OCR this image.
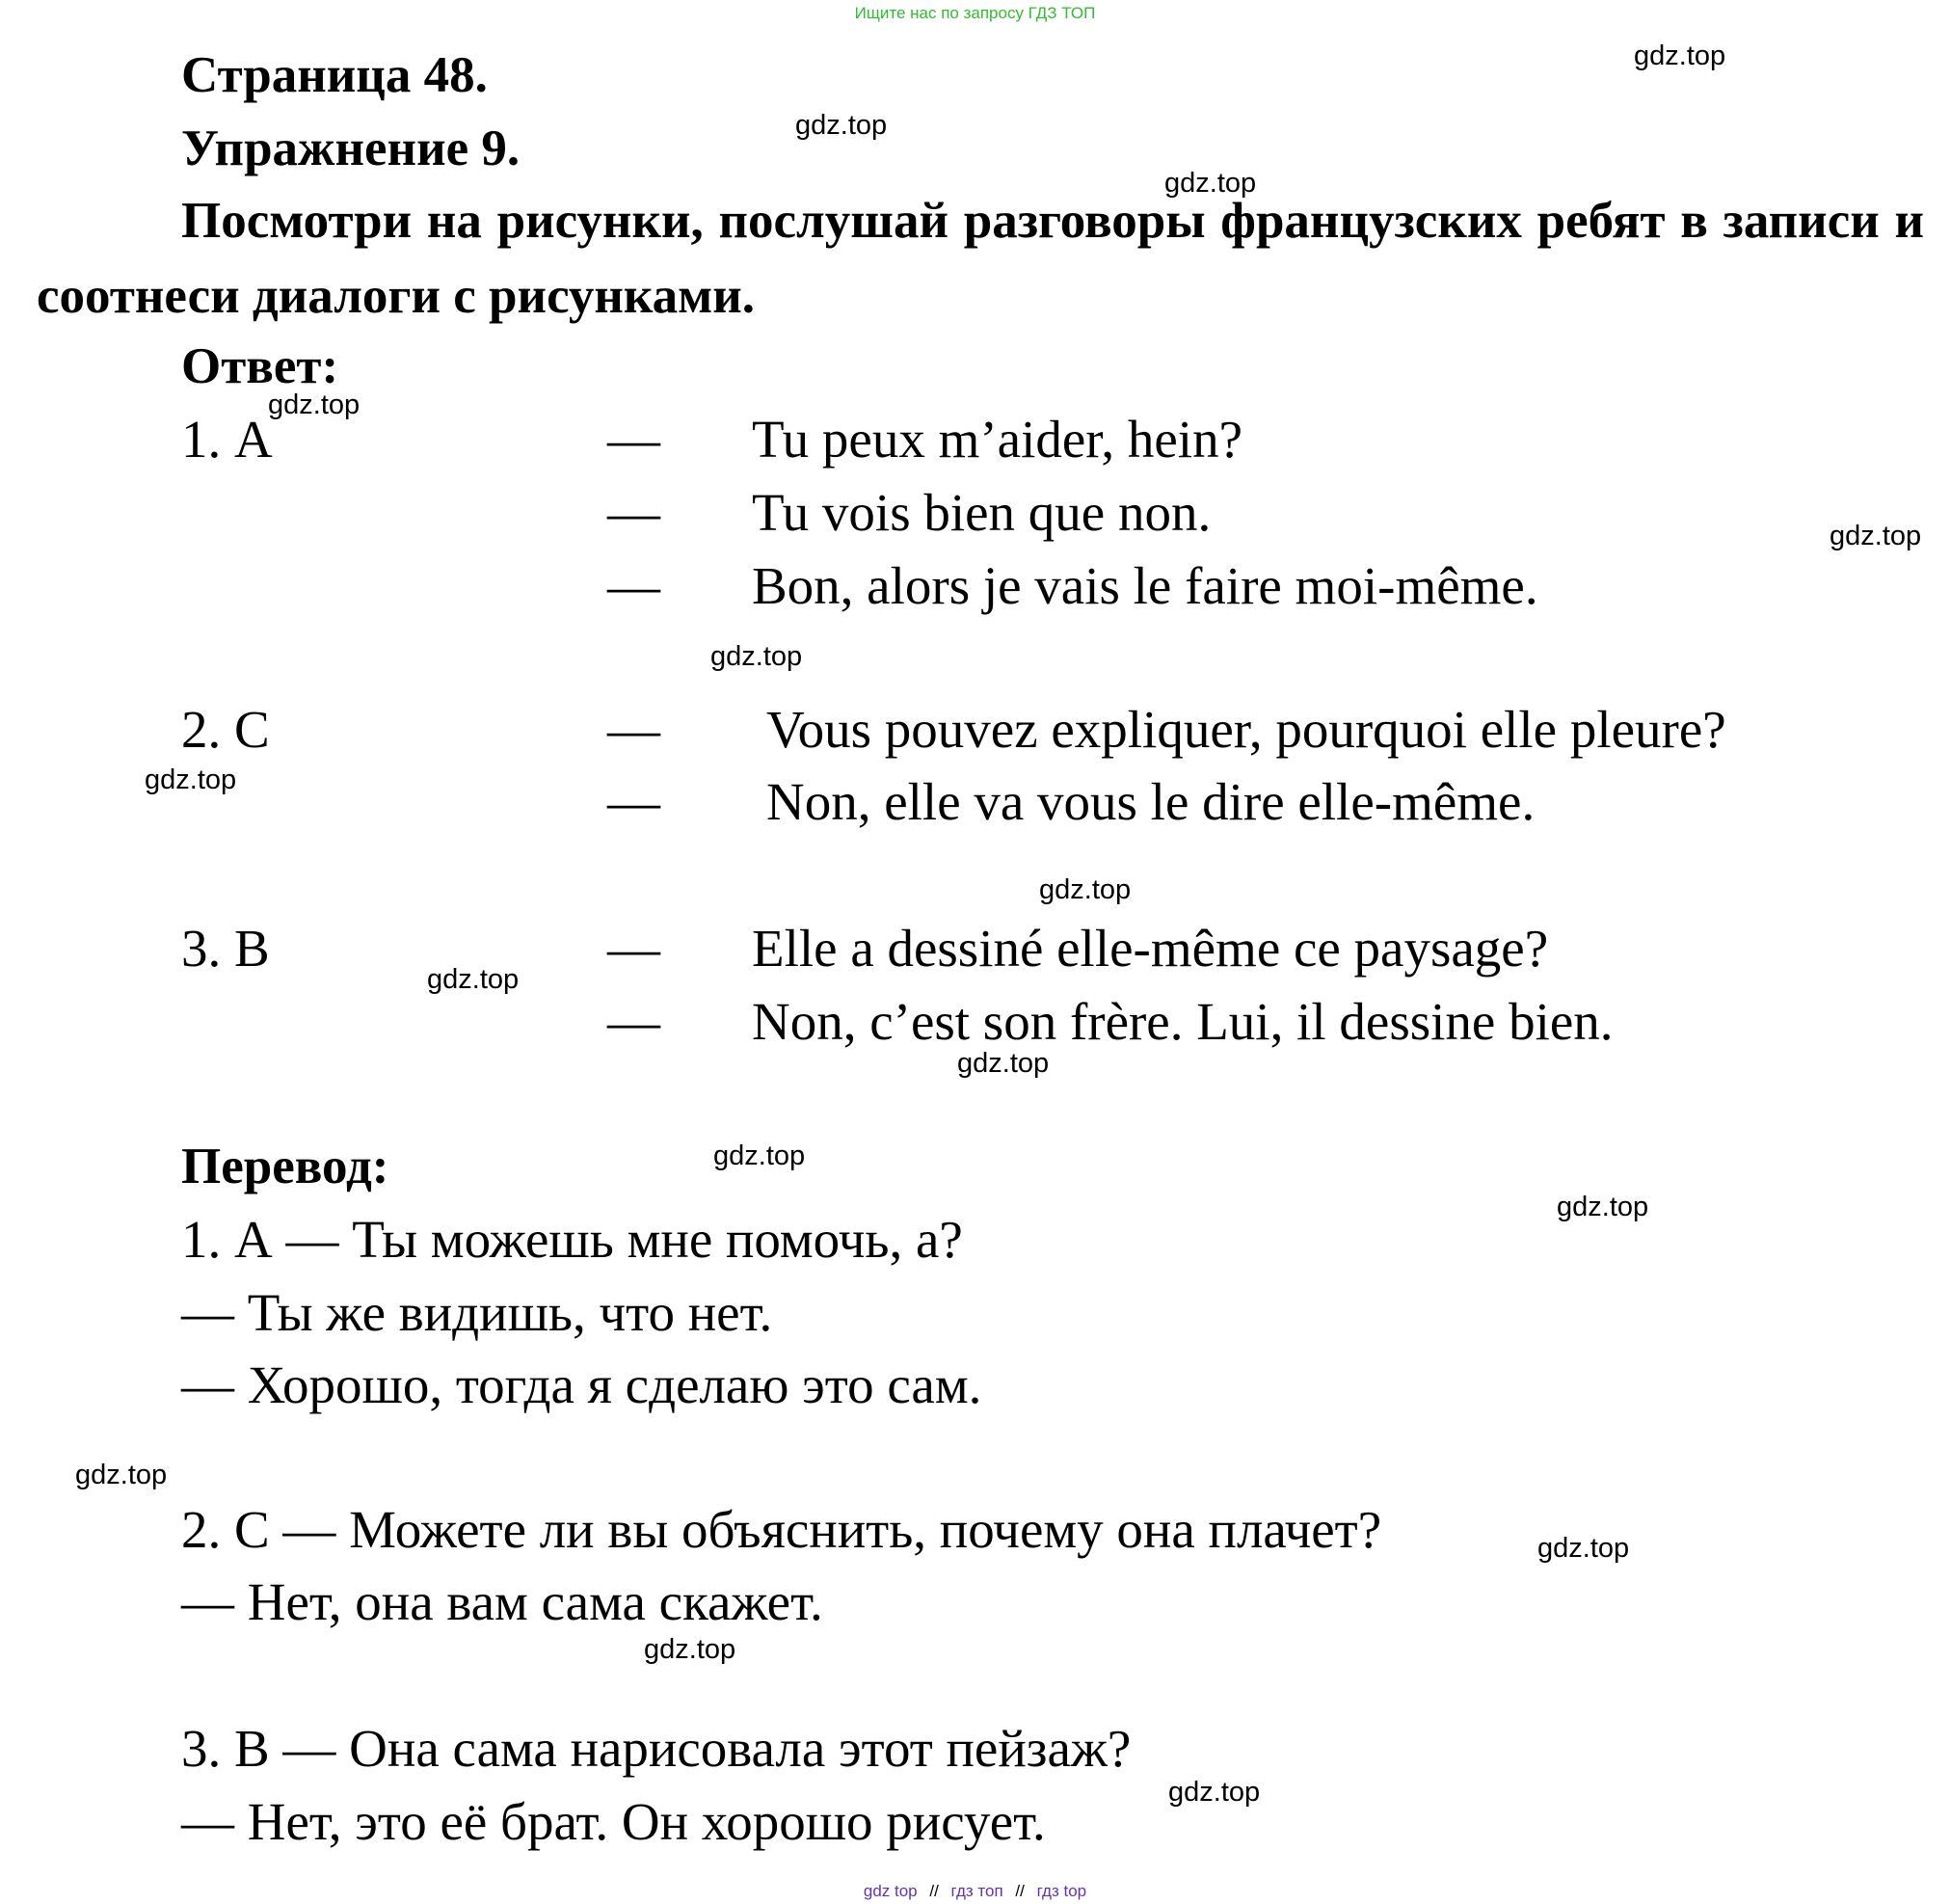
Ищите нас по запросу ГДЗ ТОП
Страница 48.
Упражнение 9.
Посмотри на рисунки, послушай разговоры французских ребят в записи и соотнеси диалоги с рисунками.
Ответ:
1. А	— Tu peux m’aider, hein?
— Tu vois bien que non.
— Bon, alors je vais le faire moi-même.
2. С	— Vous pouvez expliquer, pourquoi elle pleure?
— Non, elle va vous le dire elle-même.
3. В	— Elle a dessiné elle-même ce paysage?
— Non, c’est son frère. Lui, il dessine bien.
Перевод:
1. А — Ты можешь мне помочь, а?
— Ты же видишь, что нет.
— Хорошо, тогда я сделаю это сам.
2. С — Можете ли вы объяснить, почему она плачет?
— Нет, она вам сама скажет.
3. В — Она сама нарисовала этот пейзаж?
— Нет, это её брат. Он хорошо рисует.
gdz.top
gdz.top
gdz.top
gdz.top
gdz.top
gdz.top
gdz.top
gdz.top
gdz.top
gdz.top
gdz.top
gdz.top
gdz.top
gdz.top
gdz.top
gdz.top
gdz top // гдз топ // гдз top
